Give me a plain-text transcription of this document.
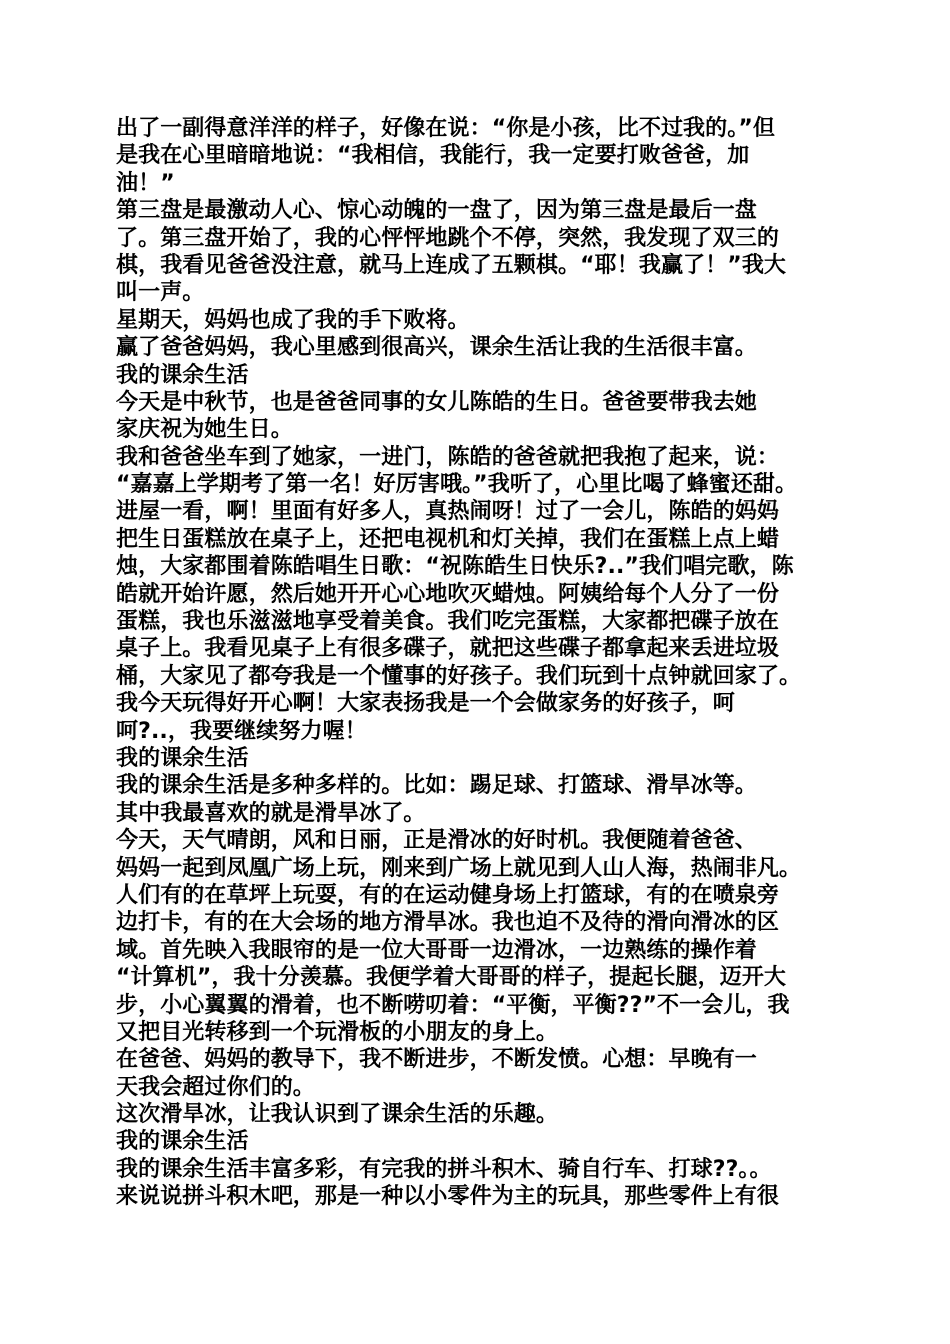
出了一副得意洋洋的样子，好像在说：“你是小孩，比不过我的。”但
是我在心里暗暗地说：“我相信，我能行，我一定要打败爸爸，加
油！”
第三盘是最激动人心、惊心动魄的一盘了，因为第三盘是最后一盘
了。第三盘开始了，我的心怦怦地跳个不停，突然，我发现了双三的
棋，我看见爸爸没注意，就马上连成了五颗棋。“耶！我赢了！”我大
叫一声。
星期天，妈妈也成了我的手下败将。
赢了爸爸妈妈，我心里感到很高兴，课余生活让我的生活很丰富。
我的课余生活
今天是中秋节，也是爸爸同事的女儿陈皓的生日。爸爸要带我去她
家庆祝为她生日。
我和爸爸坐车到了她家，一进门，陈皓的爸爸就把我抱了起来，说：
“嘉嘉上学期考了第一名！好厉害哦。”我听了，心里比喝了蜂蜜还甜。
进屋一看，啊！里面有好多人，真热闹呀！过了一会儿，陈皓的妈妈
把生日蛋糕放在桌子上，还把电视机和灯关掉，我们在蛋糕上点上蜡
烛，大家都围着陈皓唱生日歌：“祝陈皓生日快乐?..”我们唱完歌，陈
皓就开始许愿，然后她开开心心地吹灭蜡烛。阿姨给每个人分了一份
蛋糕，我也乐滋滋地享受着美食。我们吃完蛋糕，大家都把碟子放在
桌子上。我看见桌子上有很多碟子，就把这些碟子都拿起来丢进垃圾
桶，大家见了都夸我是一个懂事的好孩子。我们玩到十点钟就回家了。
我今天玩得好开心啊！大家表扬我是一个会做家务的好孩子，呵
呵?..，我要继续努力喔！
我的课余生活
我的课余生活是多种多样的。比如：踢足球、打篮球、滑旱冰等。
其中我最喜欢的就是滑旱冰了。
今天，天气晴朗，风和日丽，正是滑冰的好时机。我便随着爸爸、
妈妈一起到凤凰广场上玩，刚来到广场上就见到人山人海，热闹非凡。
人们有的在草坪上玩耍，有的在运动健身场上打篮球，有的在喷泉旁
边打卡，有的在大会场的地方滑旱冰。我也迫不及待的滑向滑冰的区
域。首先映入我眼帘的是一位大哥哥一边滑冰，一边熟练的操作着
“计算机”，我十分羡慕。我便学着大哥哥的样子，提起长腿，迈开大
步，小心翼翼的滑着，也不断唠叨着：“平衡，平衡??”不一会儿，我
又把目光转移到一个玩滑板的小朋友的身上。
在爸爸、妈妈的教导下，我不断进步，不断发愤。心想：早晚有一
天我会超过你们的。
这次滑旱冰，让我认识到了课余生活的乐趣。
我的课余生活
我的课余生活丰富多彩，有完我的拼斗积木、骑自行车、打球??。。
来说说拼斗积木吧，那是一种以小零件为主的玩具，那些零件上有很
